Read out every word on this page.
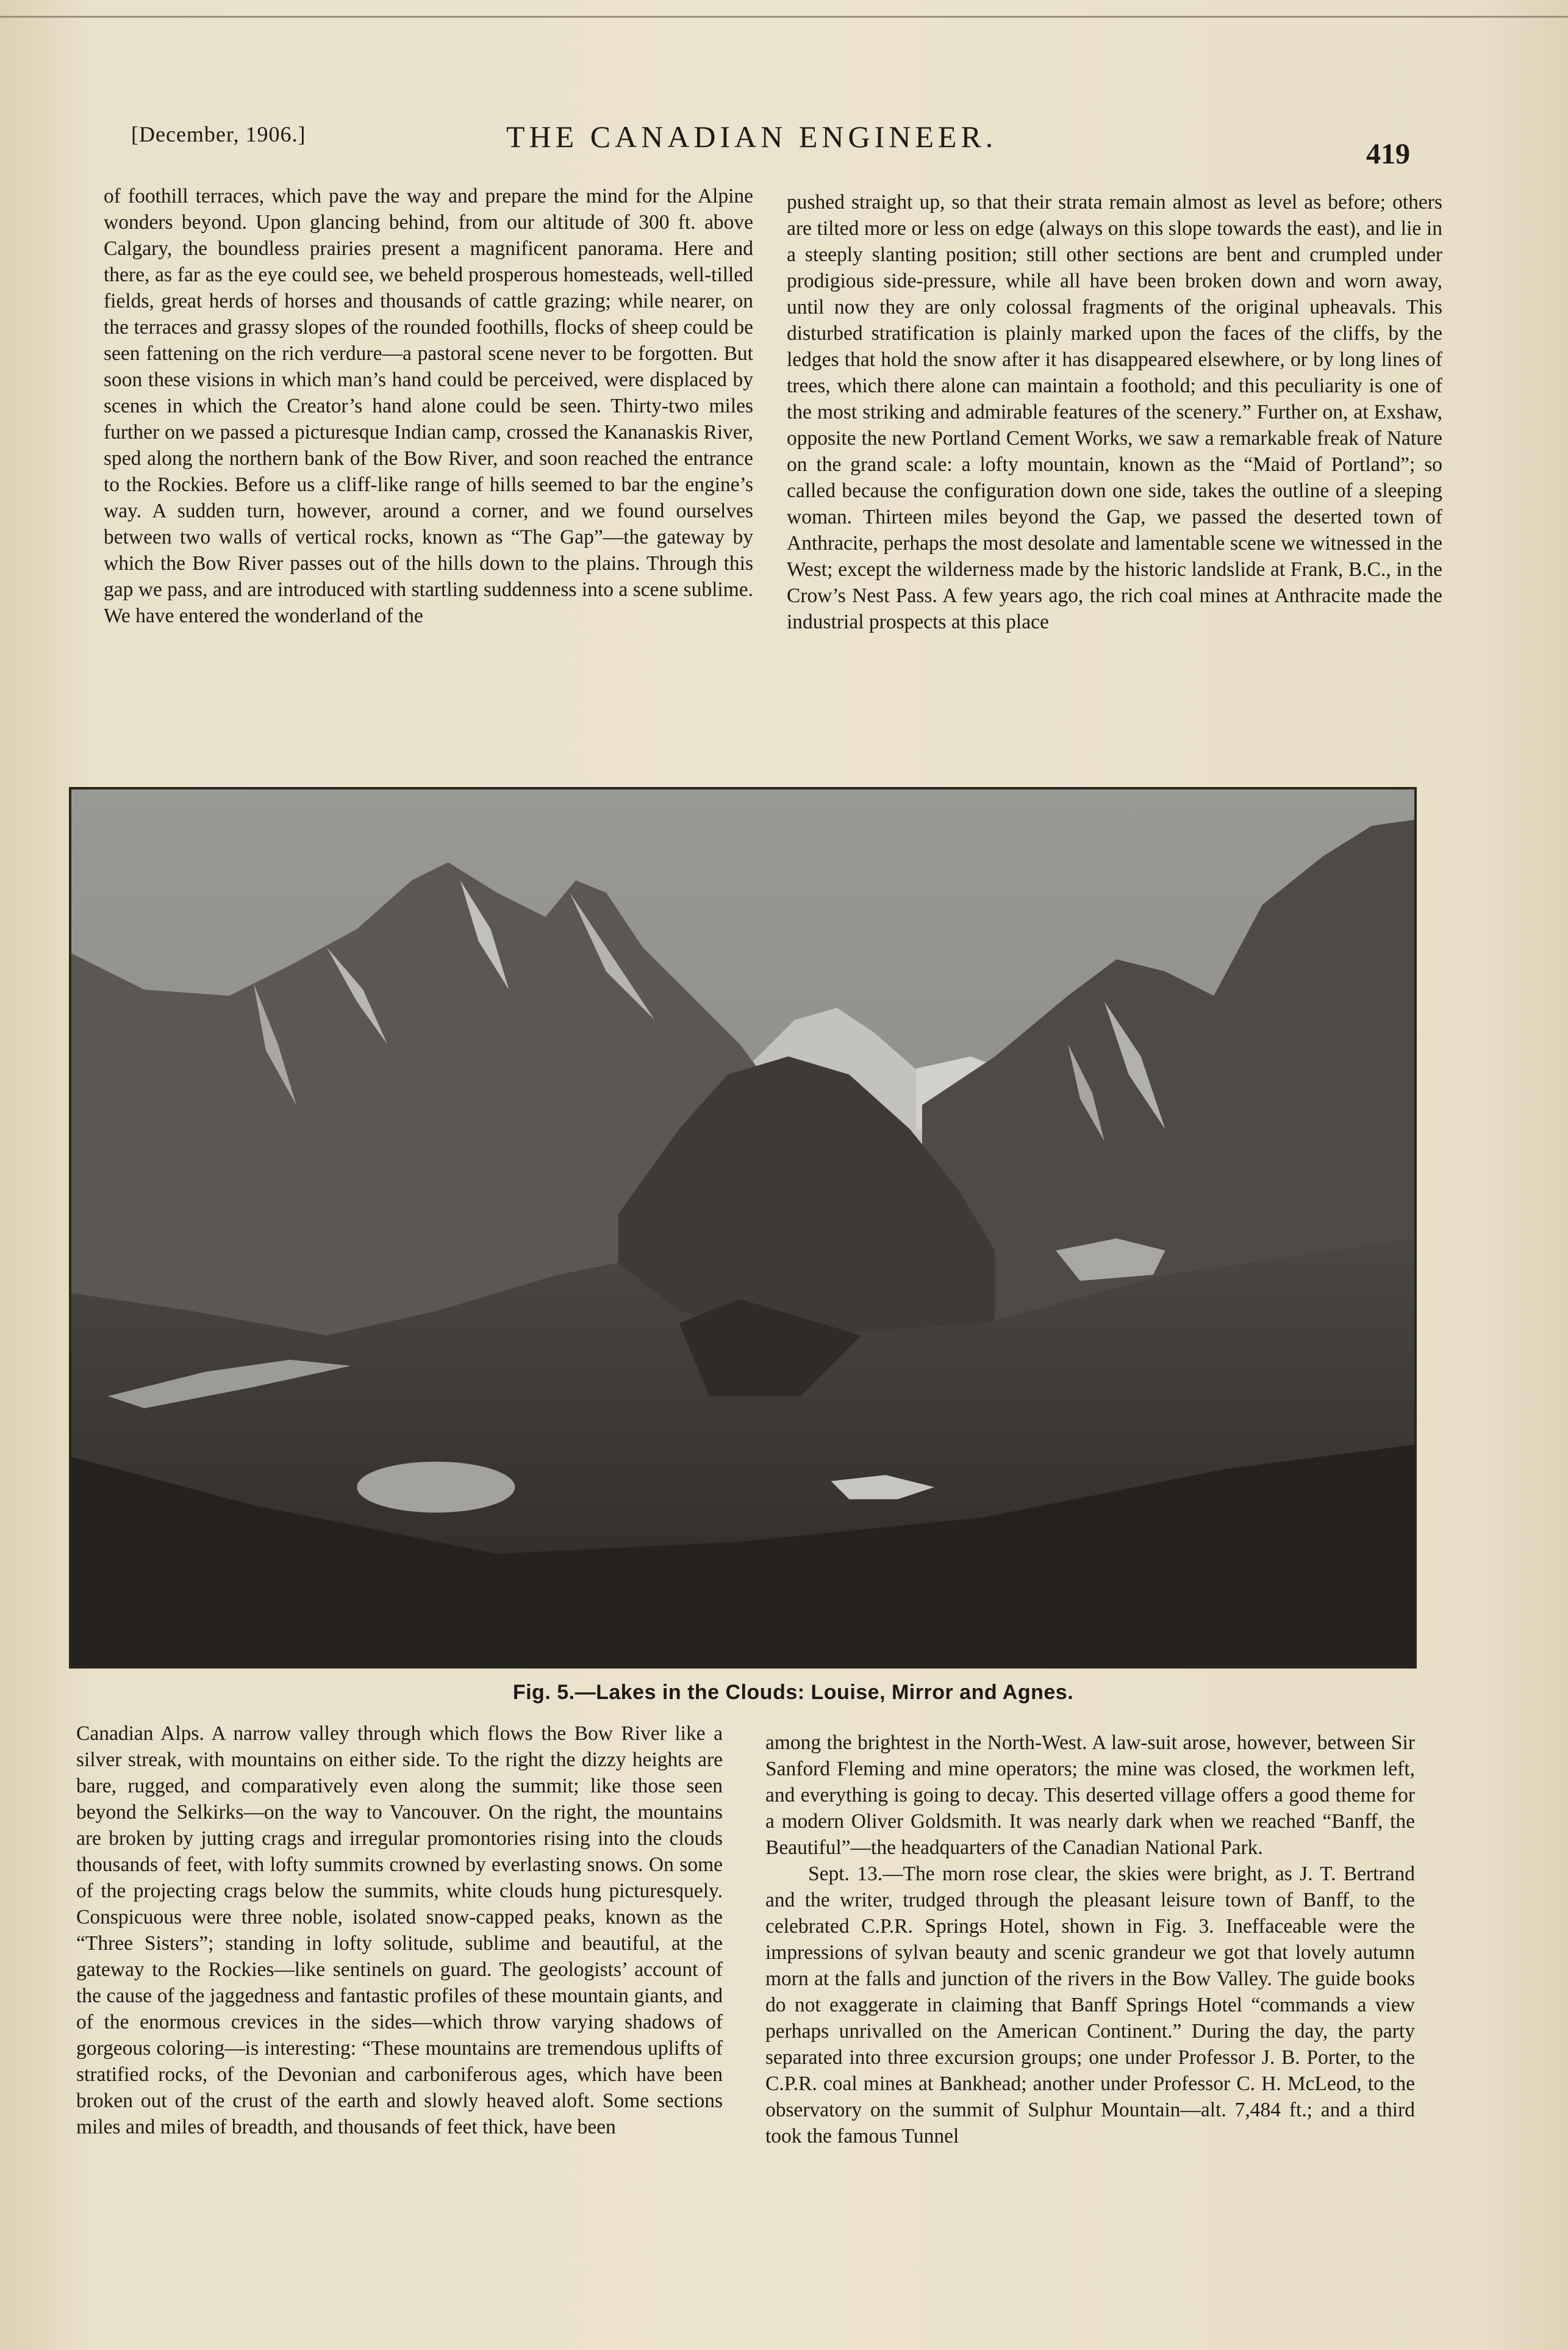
[December, 1906.]	THE CANADIAN ENGINEER.
419

of foothill terraces, which pave the way and prepare the mind for the Alpine wonders beyond. Upon glancing behind, from our altitude of 300 ft. above Calgary, the boundless prairies present a magnificent panorama. Here and there, as far as the eye could see, we beheld prosperous homesteads, well-tilled fields, great herds of horses and thousands of cattle grazing; while nearer, on the terraces and grassy slopes of the rounded foothills, flocks of sheep could be seen fattening on the rich verdure—a pastoral scene never to be forgotten. But soon these visions in which man’s hand could be perceived, were displaced by scenes in which the Creator’s hand alone could be seen. Thirty-two miles further on we passed a picturesque Indian camp, crossed the Kananaskis River, sped along the northern bank of the Bow River, and soon reached the entrance to the Rockies. Before us a cliff-like range of hills seemed to bar the engine’s way. A sudden turn, however, around a corner, and we found ourselves between two walls of vertical rocks, known as “The Gap”—the gateway by which the Bow River passes out of the hills down to the plains. Through this gap we pass, and are introduced with startling suddenness into a scene sublime. We have entered the wonderland of the

pushed straight up, so that their strata remain almost as level as before; others are tilted more or less on edge (always on this slope towards the east), and lie in a steeply slanting position; still other sections are bent and crumpled under prodigious side-pressure, while all have been broken down and worn away, until now they are only colossal fragments of the original upheavals. This disturbed stratification is plainly marked upon the faces of the cliffs, by the ledges that hold the snow after it has disappeared elsewhere, or by long lines of trees, which there alone can maintain a foothold; and this peculiarity is one of the most striking and admirable features of the scenery.” Further on, at Exshaw, opposite the new Portland Cement Works, we saw a remarkable freak of Nature on the grand scale: a lofty mountain, known as the “Maid of Portland”; so called because the configuration down one side, takes the outline of a sleeping woman. Thirteen miles beyond the Gap, we passed the deserted town of Anthracite, perhaps the most desolate and lamentable scene we witnessed in the West; except the wilderness made by the historic landslide at Frank, B.C., in the Crow’s Nest Pass. A few years ago, the rich coal mines at Anthracite made the industrial prospects at this place

Fig. 5.—Lakes in the Clouds: Louise, Mirror and Agnes.

Canadian Alps. A narrow valley through which flows the Bow River like a silver streak, with mountains on either side. To the right the dizzy heights are bare, rugged, and comparatively even along the summit; like those seen beyond the Selkirks—on the way to Vancouver. On the right, the mountains are broken by jutting crags and irregular promontories rising into the clouds thousands of feet, with lofty summits crowned by everlasting snows. On some of the projecting crags below the summits, white clouds hung picturesquely. Conspicuous were three noble, isolated snow-capped peaks, known as the “Three Sisters”; standing in lofty solitude, sublime and beautiful, at the gateway to the Rockies—like sentinels on guard. The geologists’ account of the cause of the jaggedness and fantastic profiles of these mountain giants, and of the enormous crevices in the sides—which throw varying shadows of gorgeous coloring—is interesting: “These mountains are tremendous uplifts of stratified rocks, of the Devonian and carboniferous ages, which have been broken out of the crust of the earth and slowly heaved aloft. Some sections miles and miles of breadth, and thousands of feet thick, have been

among the brightest in the North-West. A law-suit arose, however, between Sir Sanford Fleming and mine operators; the mine was closed, the workmen left, and everything is going to decay. This deserted village offers a good theme for a modern Oliver Goldsmith. It was nearly dark when we reached “Banff, the Beautiful”—the headquarters of the Canadian National Park.

Sept. 13.—The morn rose clear, the skies were bright, as J. T. Bertrand and the writer, trudged through the pleasant leisure town of Banff, to the celebrated C.P.R. Springs Hotel, shown in Fig. 3. Ineffaceable were the impressions of sylvan beauty and scenic grandeur we got that lovely autumn morn at the falls and junction of the rivers in the Bow Valley. The guide books do not exaggerate in claiming that Banff Springs Hotel “commands a view perhaps unrivalled on the American Continent.” During the day, the party separated into three excursion groups; one under Professor J. B. Porter, to the C.P.R. coal mines at Bankhead; another under Professor C. H. McLeod, to the observatory on the summit of Sulphur Mountain—alt. 7,484 ft.; and a third took the famous Tunnel
